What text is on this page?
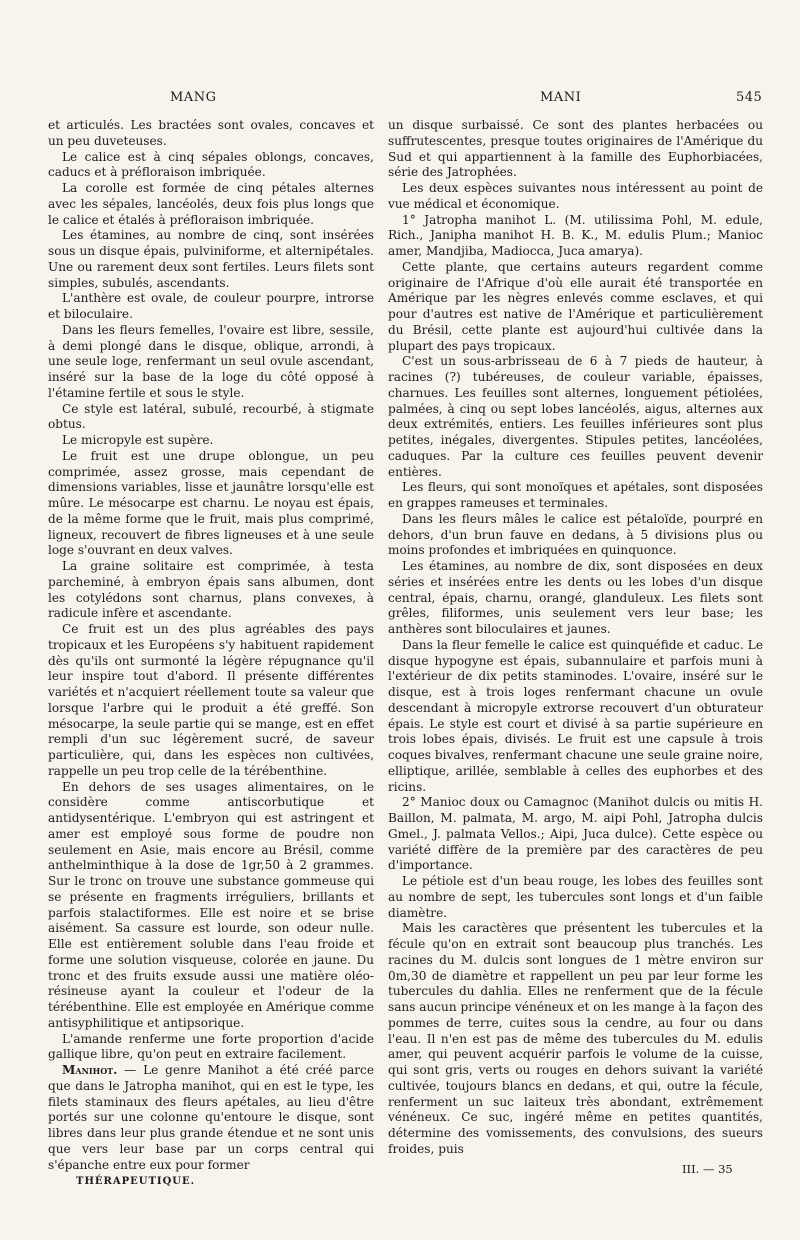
MANG	MANI	545

et articulés. Les bractées sont ovales, concaves et un peu duveteuses.

Le calice est à cinq sépales oblongs, concaves, caducs et à préfloraison imbriquée.

La corolle est formée de cinq pétales alternes avec les sépales, lancéolés, deux fois plus longs que le calice et étalés à préfloraison imbriquée.

Les étamines, au nombre de cinq, sont insérées sous un disque épais, pulviniforme, et alternipétales. Une ou rarement deux sont fertiles. Leurs filets sont simples, subulés, ascendants.

L'anthère est ovale, de couleur pourpre, introrse et biloculaire.

Dans les fleurs femelles, l'ovaire est libre, sessile, à demi plongé dans le disque, oblique, arrondi, à une seule loge, renfermant un seul ovule ascendant, inséré sur la base de la loge du côté opposé à l'étamine fertile et sous le style.

Ce style est latéral, subulé, recourbé, à stigmate obtus.

Le micropyle est supère.

Le fruit est une drupe oblongue, un peu comprimée, assez grosse, mais cependant de dimensions variables, lisse et jaunâtre lorsqu'elle est mûre. Le mésocarpe est charnu. Le noyau est épais, de la même forme que le fruit, mais plus comprimé, ligneux, recouvert de fibres ligneuses et à une seule loge s'ouvrant en deux valves.

La graine solitaire est comprimée, à testa parcheminé, à embryon épais sans albumen, dont les cotylédons sont charnus, plans convexes, à radicule infère et ascendante.

Ce fruit est un des plus agréables des pays tropicaux et les Européens s'y habituent rapidement dès qu'ils ont surmonté la légère répugnance qu'il leur inspire tout d'abord. Il présente différentes variétés et n'acquiert réellement toute sa valeur que lorsque l'arbre qui le produit a été greffé. Son mésocarpe, la seule partie qui se mange, est en effet rempli d'un suc légèrement sucré, de saveur particulière, qui, dans les espèces non cultivées, rappelle un peu trop celle de la térébenthine.

En dehors de ses usages alimentaires, on le considère comme antiscorbutique et antidysentérique. L'embryon qui est astringent et amer est employé sous forme de poudre non seulement en Asie, mais encore au Brésil, comme anthelminthique à la dose de 1gr,50 à 2 grammes. Sur le tronc on trouve une substance gommeuse qui se présente en fragments irréguliers, brillants et parfois stalactiformes. Elle est noire et se brise aisément. Sa cassure est lourde, son odeur nulle. Elle est entièrement soluble dans l'eau froide et forme une solution visqueuse, colorée en jaune. Du tronc et des fruits exsude aussi une matière oléo-résineuse ayant la couleur et l'odeur de la térébenthine. Elle est employée en Amérique comme antisyphilitique et antipsorique.

L'amande renferme une forte proportion d'acide gallique libre, qu'on peut en extraire facilement.

Manihot. — Le genre Manihot a été créé parce que dans le Jatropha manihot, qui en est le type, les filets staminaux des fleurs apétales, au lieu d'être portés sur une colonne qu'entoure le disque, sont libres dans leur plus grande étendue et ne sont unis que vers leur base par un corps central qui s'épanche entre eux pour former

un disque surbaissé. Ce sont des plantes herbacées ou suffrutescentes, presque toutes originaires de l'Amérique du Sud et qui appartiennent à la famille des Euphorbiacées, série des Jatrophées.

Les deux espèces suivantes nous intéressent au point de vue médical et économique.

1° Jatropha manihot L. (M. utilissima Pohl, M. edule, Rich., Janipha manihot H. B. K., M. edulis Plum.; Manioc amer, Mandjiba, Madiocca, Juca amarya).

Cette plante, que certains auteurs regardent comme originaire de l'Afrique d'où elle aurait été transportée en Amérique par les nègres enlevés comme esclaves, et qui pour d'autres est native de l'Amérique et particulièrement du Brésil, cette plante est aujourd'hui cultivée dans la plupart des pays tropicaux.

C'est un sous-arbrisseau de 6 à 7 pieds de hauteur, à racines (?) tubéreuses, de couleur variable, épaisses, charnues. Les feuilles sont alternes, longuement pétiolées, palmées, à cinq ou sept lobes lancéolés, aigus, alternes aux deux extrémités, entiers. Les feuilles inférieures sont plus petites, inégales, divergentes. Stipules petites, lancéolées, caduques. Par la culture ces feuilles peuvent devenir entières.

Les fleurs, qui sont monoïques et apétales, sont disposées en grappes rameuses et terminales.

Dans les fleurs mâles le calice est pétaloïde, pourpré en dehors, d'un brun fauve en dedans, à 5 divisions plus ou moins profondes et imbriquées en quinquonce.

Les étamines, au nombre de dix, sont disposées en deux séries et insérées entre les dents ou les lobes d'un disque central, épais, charnu, orangé, glanduleux. Les filets sont grêles, filiformes, unis seulement vers leur base; les anthères sont biloculaires et jaunes.

Dans la fleur femelle le calice est quinquéfide et caduc. Le disque hypogyne est épais, subannulaire et parfois muni à l'extérieur de dix petits staminodes. L'ovaire, inséré sur le disque, est à trois loges renfermant chacune un ovule descendant à micropyle extrorse recouvert d'un obturateur épais. Le style est court et divisé à sa partie supérieure en trois lobes épais, divisés. Le fruit est une capsule à trois coques bivalves, renfermant chacune une seule graine noire, elliptique, arillée, semblable à celles des euphorbes et des ricins.

2° Manioc doux ou Camagnoc (Manihot dulcis ou mitis H. Baillon, M. palmata, M. argo, M. aipi Pohl, Jatropha dulcis Gmel., J. palmata Vellos.; Aipi, Juca dulce). Cette espèce ou variété diffère de la première par des caractères de peu d'importance.

Le pétiole est d'un beau rouge, les lobes des feuilles sont au nombre de sept, les tubercules sont longs et d'un faible diamètre.

Mais les caractères que présentent les tubercules et la fécule qu'on en extrait sont beaucoup plus tranchés. Les racines du M. dulcis sont longues de 1 mètre environ sur 0m,30 de diamètre et rappellent un peu par leur forme les tubercules du dahlia. Elles ne renferment que de la fécule sans aucun principe vénéneux et on les mange à la façon des pommes de terre, cuites sous la cendre, au four ou dans l'eau. Il n'en est pas de même des tubercules du M. edulis amer, qui peuvent acquérir parfois le volume de la cuisse, qui sont gris, verts ou rouges en dehors suivant la variété cultivée, toujours blancs en dedans, et qui, outre la fécule, renferment un suc laiteux très abondant, extrêmement vénéneux. Ce suc, ingéré même en petites quantités, détermine des vomissements, des convulsions, des sueurs froides, puis

THÉRAPEUTIQUE.
III. — 35
